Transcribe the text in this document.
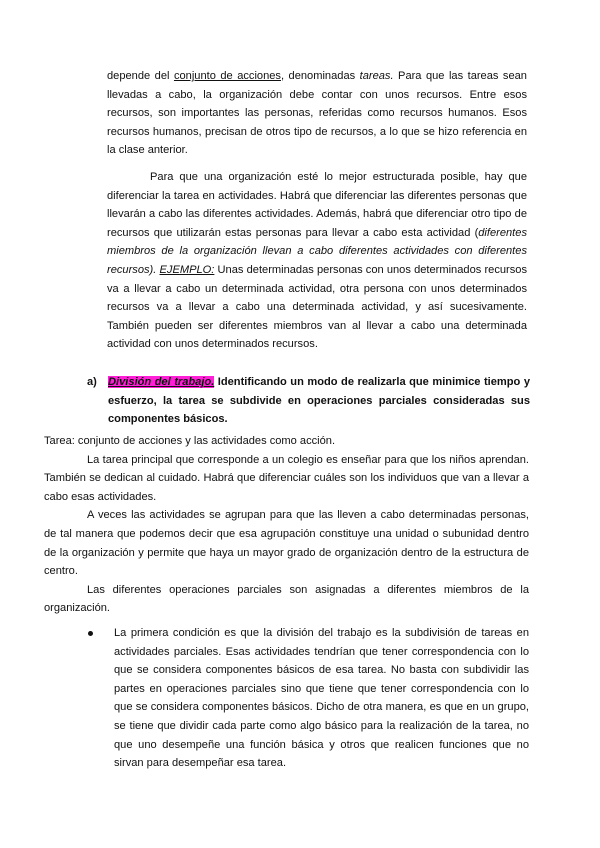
depende del conjunto de acciones, denominadas tareas. Para que las tareas sean llevadas a cabo, la organización debe contar con unos recursos. Entre esos recursos, son importantes las personas, referidas como recursos humanos. Esos recursos humanos, precisan de otros tipo de recursos, a lo que se hizo referencia en la clase anterior.

Para que una organización esté lo mejor estructurada posible, hay que diferenciar la tarea en actividades. Habrá que diferenciar las diferentes personas que llevarán a cabo las diferentes actividades. Además, habrá que diferenciar otro tipo de recursos que utilizarán estas personas para llevar a cabo esta actividad (diferentes miembros de la organización llevan a cabo diferentes actividades con diferentes recursos). EJEMPLO: Unas determinadas personas con unos determinados recursos va a llevar a cabo un determinada actividad, otra persona con unos determinados recursos va a llevar a cabo una determinada actividad, y así sucesivamente. También pueden ser diferentes miembros van al llevar a cabo una determinada actividad con unos determinados recursos.

a) División del trabajo. Identificando un modo de realizarla que minimice tiempo y esfuerzo, la tarea se subdivide en operaciones parciales consideradas sus componentes básicos.

Tarea: conjunto de acciones y las actividades como acción.

La tarea principal que corresponde a un colegio es enseñar para que los niños aprendan. También se dedican al cuidado. Habrá que diferenciar cuáles son los individuos que van a llevar a cabo esas actividades.

A veces las actividades se agrupan para que las lleven a cabo determinadas personas, de tal manera que podemos decir que esa agrupación constituye una unidad o subunidad dentro de la organización y permite que haya un mayor grado de organización dentro de la estructura de centro.

Las diferentes operaciones parciales son asignadas a diferentes miembros de la organización.

La primera condición es que la división del trabajo es la subdivisión de tareas en actividades parciales. Esas actividades tendrían que tener correspondencia con lo que se considera componentes básicos de esa tarea. No basta con subdividir las partes en operaciones parciales sino que tiene que tener correspondencia con lo que se considera componentes básicos. Dicho de otra manera, es que en un grupo, se tiene que dividir cada parte como algo básico para la realización de la tarea, no que uno desempeñe una función básica y otros que realicen funciones que no sirvan para desempeñar esa tarea.
